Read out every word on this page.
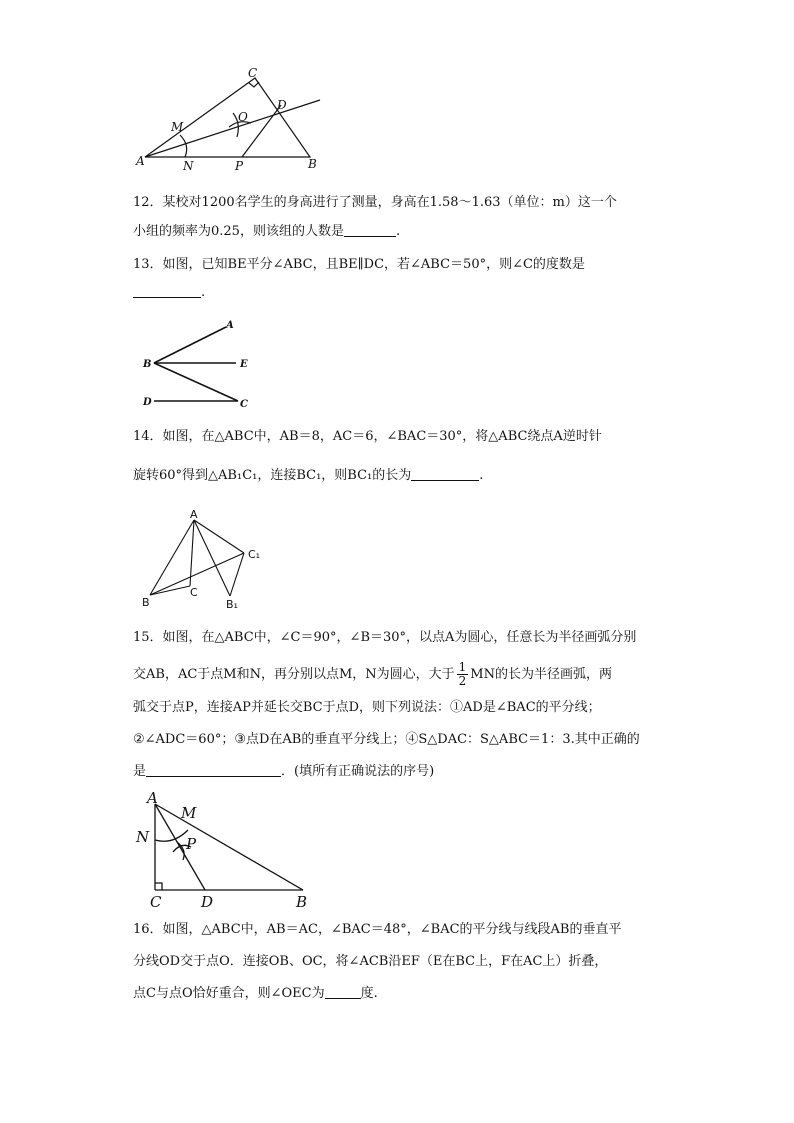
C
D
M
O
A	N	P	B
12．某校对1200名学生的身高进行了测量，身高在1.58～1.63（单位：m）这一个
小组的频率为0.25，则该组的人数是	.
13．如图，已知BE平分∠ABC，且BE∥DC，若∠ABC＝50°，则∠C的度数是
.
A
B	E
D	C
14．如图，在△ABC中，AB＝8，AC＝6，∠BAC＝30°，将△ABC绕点A逆时针
旋转60°得到△AB₁C₁，连接BC₁，则BC₁的长为	.
A
C₁
C
B	B₁
15．如图，在△ABC中，∠C＝90°，∠B＝30°，以点A为圆心，任意长为半径画弧分别
交AB，AC于点M和N，再分别以点M，N为圆心，大于 $\frac{1}{2}$ MN的长为半径画弧，两
弧交于点P，连接AP并延长交BC于点D，则下列说法：①AD是∠BAC的平分线；
②∠ADC＝60°；③点D在AB的垂直平分线上；④S△DAC：S△ABC＝1：3.其中正确的
是	．(填所有正确说法的序号)
A
M
N P
C	D	B
16．如图，△ABC中，AB＝AC，∠BAC＝48°，∠BAC的平分线与线段AB的垂直平
分线OD交于点O．连接OB、OC，将∠ACB沿EF（E在BC上，F在AC上）折叠，
点C与点O恰好重合，则∠OEC为	度.
